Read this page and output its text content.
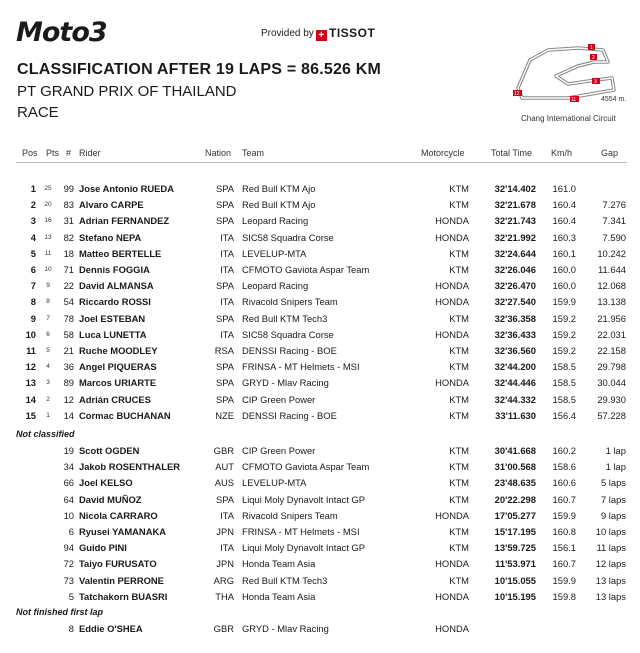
Moto3	Provided by + TISSOT
CLASSIFICATION AFTER 19 LAPS = 86.526 KM
PT GRAND PRIX OF THAILAND
RACE
1
2
3
11
12
4554 m.
Chang International Circuit
Pos Pts # Rider	Nation Team	Motorcycle	Total Time Km/h	Gap
1	25	99 Jose Antonio RUEDA	SPA Red Bull KTM Ajo	KTM	32'14.402	161.0
2	20	83 Alvaro CARPE	SPA Red Bull KTM Ajo	KTM	32'21.678	160.4	7.276
3	16	31 Adrian FERNANDEZ	SPA Leopard Racing	HONDA	32'21.743	160.4	7.341
4	13	82 Stefano NEPA	ITA SIC58 Squadra Corse	HONDA	32'21.992	160.3	7.590
5	11	18 Matteo BERTELLE	ITA LEVELUP-MTA	KTM	32'24.644	160.1	10.242
6	10	71 Dennis FOGGIA	ITA CFMOTO Gaviota Aspar Team	KTM	32'26.046	160.0	11.644
7	9	22 David ALMANSA	SPA Leopard Racing	HONDA	32'26.470	160.0	12.068
8	8	54 Riccardo ROSSI	ITA Rivacold Snipers Team	HONDA	32'27.540	159.9	13.138
9	7	78 Joel ESTEBAN	SPA Red Bull KTM Tech3	KTM	32'36.358	159.2	21.956
10	6	58 Luca LUNETTA	ITA SIC58 Squadra Corse	HONDA	32'36.433	159.2	22.031
11	5	21 Ruche MOODLEY	RSA DENSSI Racing - BOE	KTM	32'36.560	159.2	22.158
12	4	36 Angel PIQUERAS	SPA FRINSA - MT Helmets - MSI	KTM	32'44.200	158.5	29.798
13	3	89 Marcos URIARTE	SPA GRYD - Mlav Racing	HONDA	32'44.446	158.5	30.044
14	2	12 Adrián CRUCES	SPA CIP Green Power	KTM	32'44.332	158.5	29.930
15	1	14 Cormac BUCHANAN	NZE DENSSI Racing - BOE	KTM	33'11.630	156.4	57.228
Not classified
19 Scott OGDEN	GBR CIP Green Power	KTM	30'41.668	160.2	1 lap
34 Jakob ROSENTHALER	AUT CFMOTO Gaviota Aspar Team	KTM	31'00.568	158.6	1 lap
66 Joel KELSO	AUS LEVELUP-MTA	KTM	23'48.635	160.6	5 laps
64 David MUÑOZ	SPA Liqui Moly Dynavolt Intact GP	KTM	20'22.298	160.7	7 laps
10 Nicola CARRARO	ITA Rivacold Snipers Team	HONDA	17'05.277	159.9	9 laps
6 Ryusei YAMANAKA	JPN FRINSA - MT Helmets - MSI	KTM	15'17.195	160.8	10 laps
94 Guido PINI	ITA Liqui Moly Dynavolt Intact GP	KTM	13'59.725	156.1	11 laps
72 Taiyo FURUSATO	JPN Honda Team Asia	HONDA	11'53.971	160.7	12 laps
73 Valentin PERRONE	ARG Red Bull KTM Tech3	KTM	10'15.055	159.9	13 laps
5 Tatchakorn BUASRI	THA Honda Team Asia	HONDA	10'15.195	159.8	13 laps
Not finished first lap
8 Eddie O'SHEA	GBR GRYD - Mlav Racing	HONDA
